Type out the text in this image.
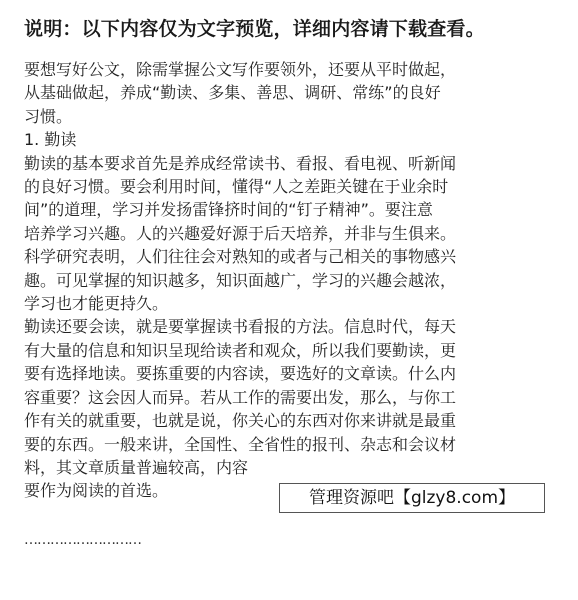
说明：以下内容仅为文字预览，详细内容请下载查看。

要想写好公文，除需掌握公文写作要领外，还要从平时做起，

从基础做起，养成“勤读、多集、善思、调研、常练”的良好

习惯。

1. 勤读

勤读的基本要求首先是养成经常读书、看报、看电视、听新闻

的良好习惯。要会利用时间，懂得“人之差距关键在于业余时

间”的道理，学习并发扬雷锋挤时间的“钉子精神”。要注意

培养学习兴趣。人的兴趣爱好源于后天培养，并非与生俱来。

科学研究表明，人们往往会对熟知的或者与己相关的事物感兴

趣。可见掌握的知识越多，知识面越广，学习的兴趣会越浓，

学习也才能更持久。

勤读还要会读，就是要掌握读书看报的方法。信息时代，每天

有大量的信息和知识呈现给读者和观众，所以我们要勤读，更

要有选择地读。要拣重要的内容读，要选好的文章读。什么内

容重要？这会因人而异。若从工作的需要出发，那么，与你工

作有关的就重要，也就是说，你关心的东西对你来讲就是最重

要的东西。一般来讲，全国性、全省性的报刊、杂志和会议材

料，其文章质量普遍较高，内容

要作为阅读的首选。	管理资源吧【glzy8.com】
………………………
